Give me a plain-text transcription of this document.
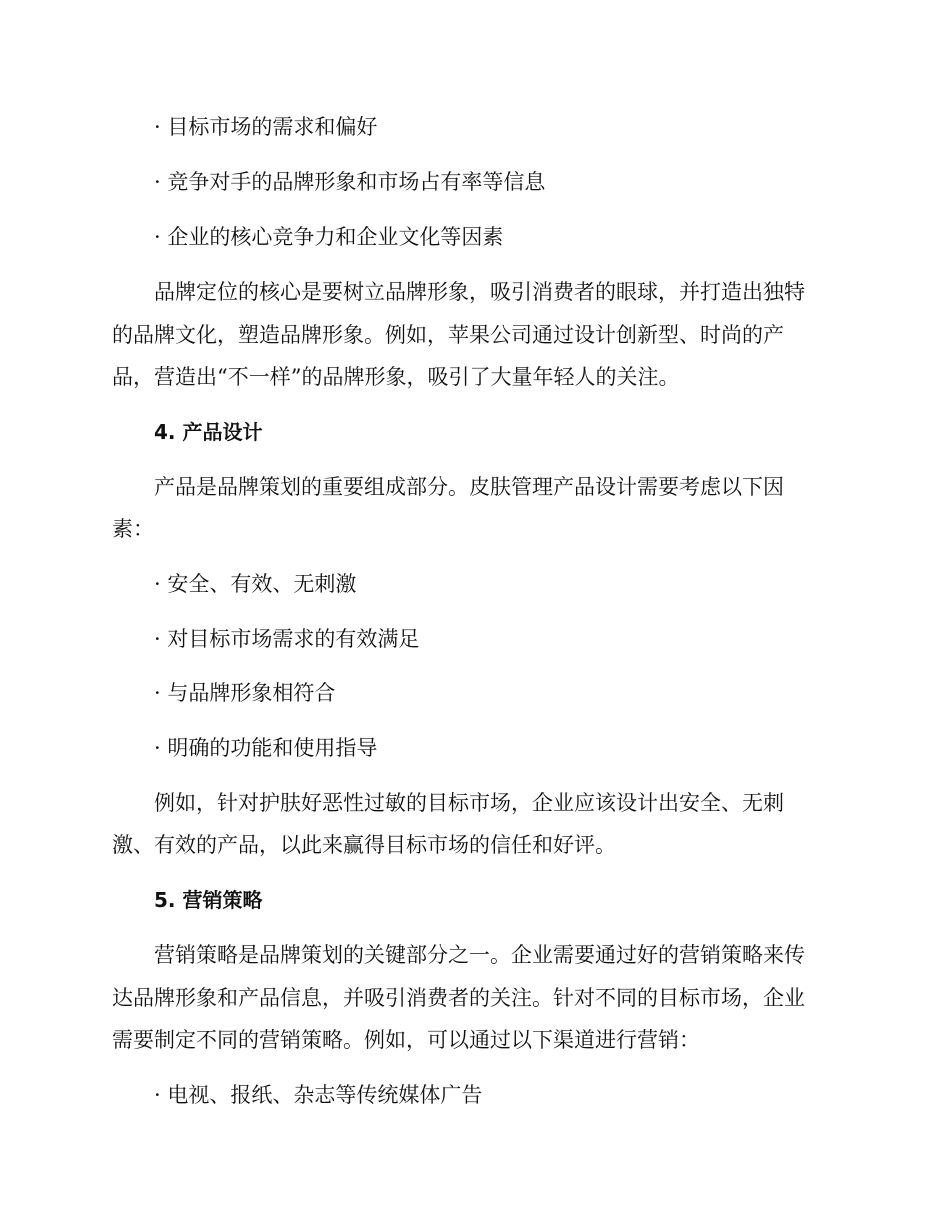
· 目标市场的需求和偏好
· 竞争对手的品牌形象和市场占有率等信息
· 企业的核心竞争力和企业文化等因素
品牌定位的核心是要树立品牌形象，吸引消费者的眼球，并打造出独特
的品牌文化，塑造品牌形象。例如，苹果公司通过设计创新型、时尚的产
品，营造出“不一样”的品牌形象，吸引了大量年轻人的关注。
4. 产品设计
产品是品牌策划的重要组成部分。皮肤管理产品设计需要考虑以下因
素：
· 安全、有效、无刺激
· 对目标市场需求的有效满足
· 与品牌形象相符合
· 明确的功能和使用指导
例如，针对护肤好恶性过敏的目标市场，企业应该设计出安全、无刺
激、有效的产品，以此来赢得目标市场的信任和好评。
5. 营销策略
营销策略是品牌策划的关键部分之一。企业需要通过好的营销策略来传
达品牌形象和产品信息，并吸引消费者的关注。针对不同的目标市场，企业
需要制定不同的营销策略。例如，可以通过以下渠道进行营销：
· 电视、报纸、杂志等传统媒体广告
